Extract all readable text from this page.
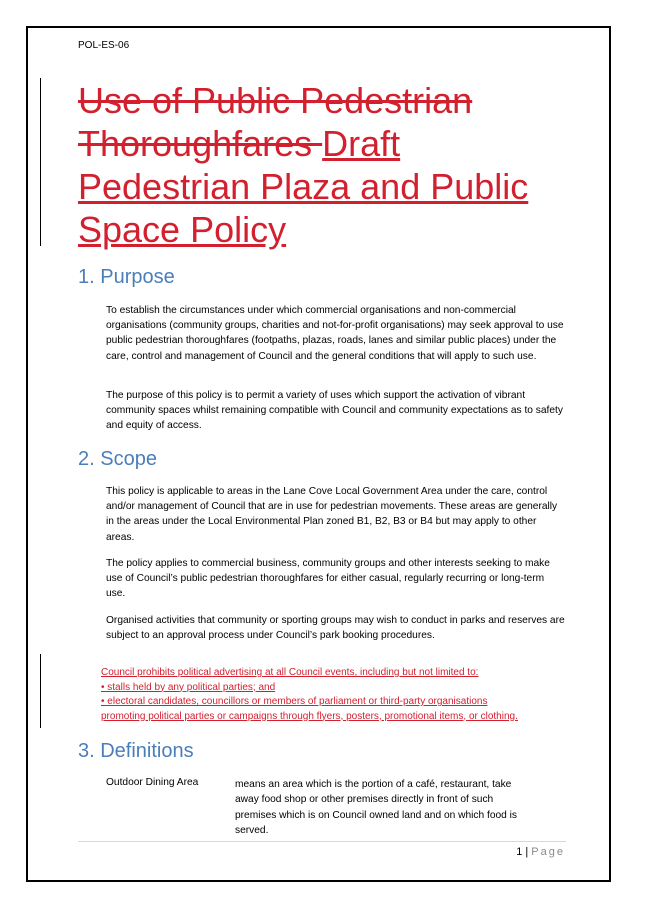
POL-ES-06
Use of Public Pedestrian Thoroughfares Draft Pedestrian Plaza and Public Space Policy
1. Purpose

To establish the circumstances under which commercial organisations and non-commercial organisations (community groups, charities and not-for-profit organisations) may seek approval to use public pedestrian thoroughfares (footpaths, plazas, roads, lanes and similar public places) under the care, control and management of Council and the general conditions that will apply to such use.

The purpose of this policy is to permit a variety of uses which support the activation of vibrant community spaces whilst remaining compatible with Council and community expectations as to safety and equity of access.

2. Scope

This policy is applicable to areas in the Lane Cove Local Government Area under the care, control and/or management of Council that are in use for pedestrian movements. These areas are generally in the areas under the Local Environmental Plan zoned B1, B2, B3 or B4 but may apply to other areas.

The policy applies to commercial business, community groups and other interests seeking to make use of Council’s public pedestrian thoroughfares for either casual, regularly recurring or long-term use.

Organised activities that community or sporting groups may wish to conduct in parks and reserves are subject to an approval process under Council’s park booking procedures.

Council prohibits political advertising at all Council events, including but not limited to:
• stalls held by any political parties; and
• electoral candidates, councillors or members of parliament or third-party organisations
promoting political parties or campaigns through flyers, posters, promotional items, or clothing.
3. Definitions
Outdoor Dining Area	means an area which is the portion of a café, restaurant, take away food shop or other premises directly in front of such premises which is on Council owned land and on which food is served.
1 | Page
